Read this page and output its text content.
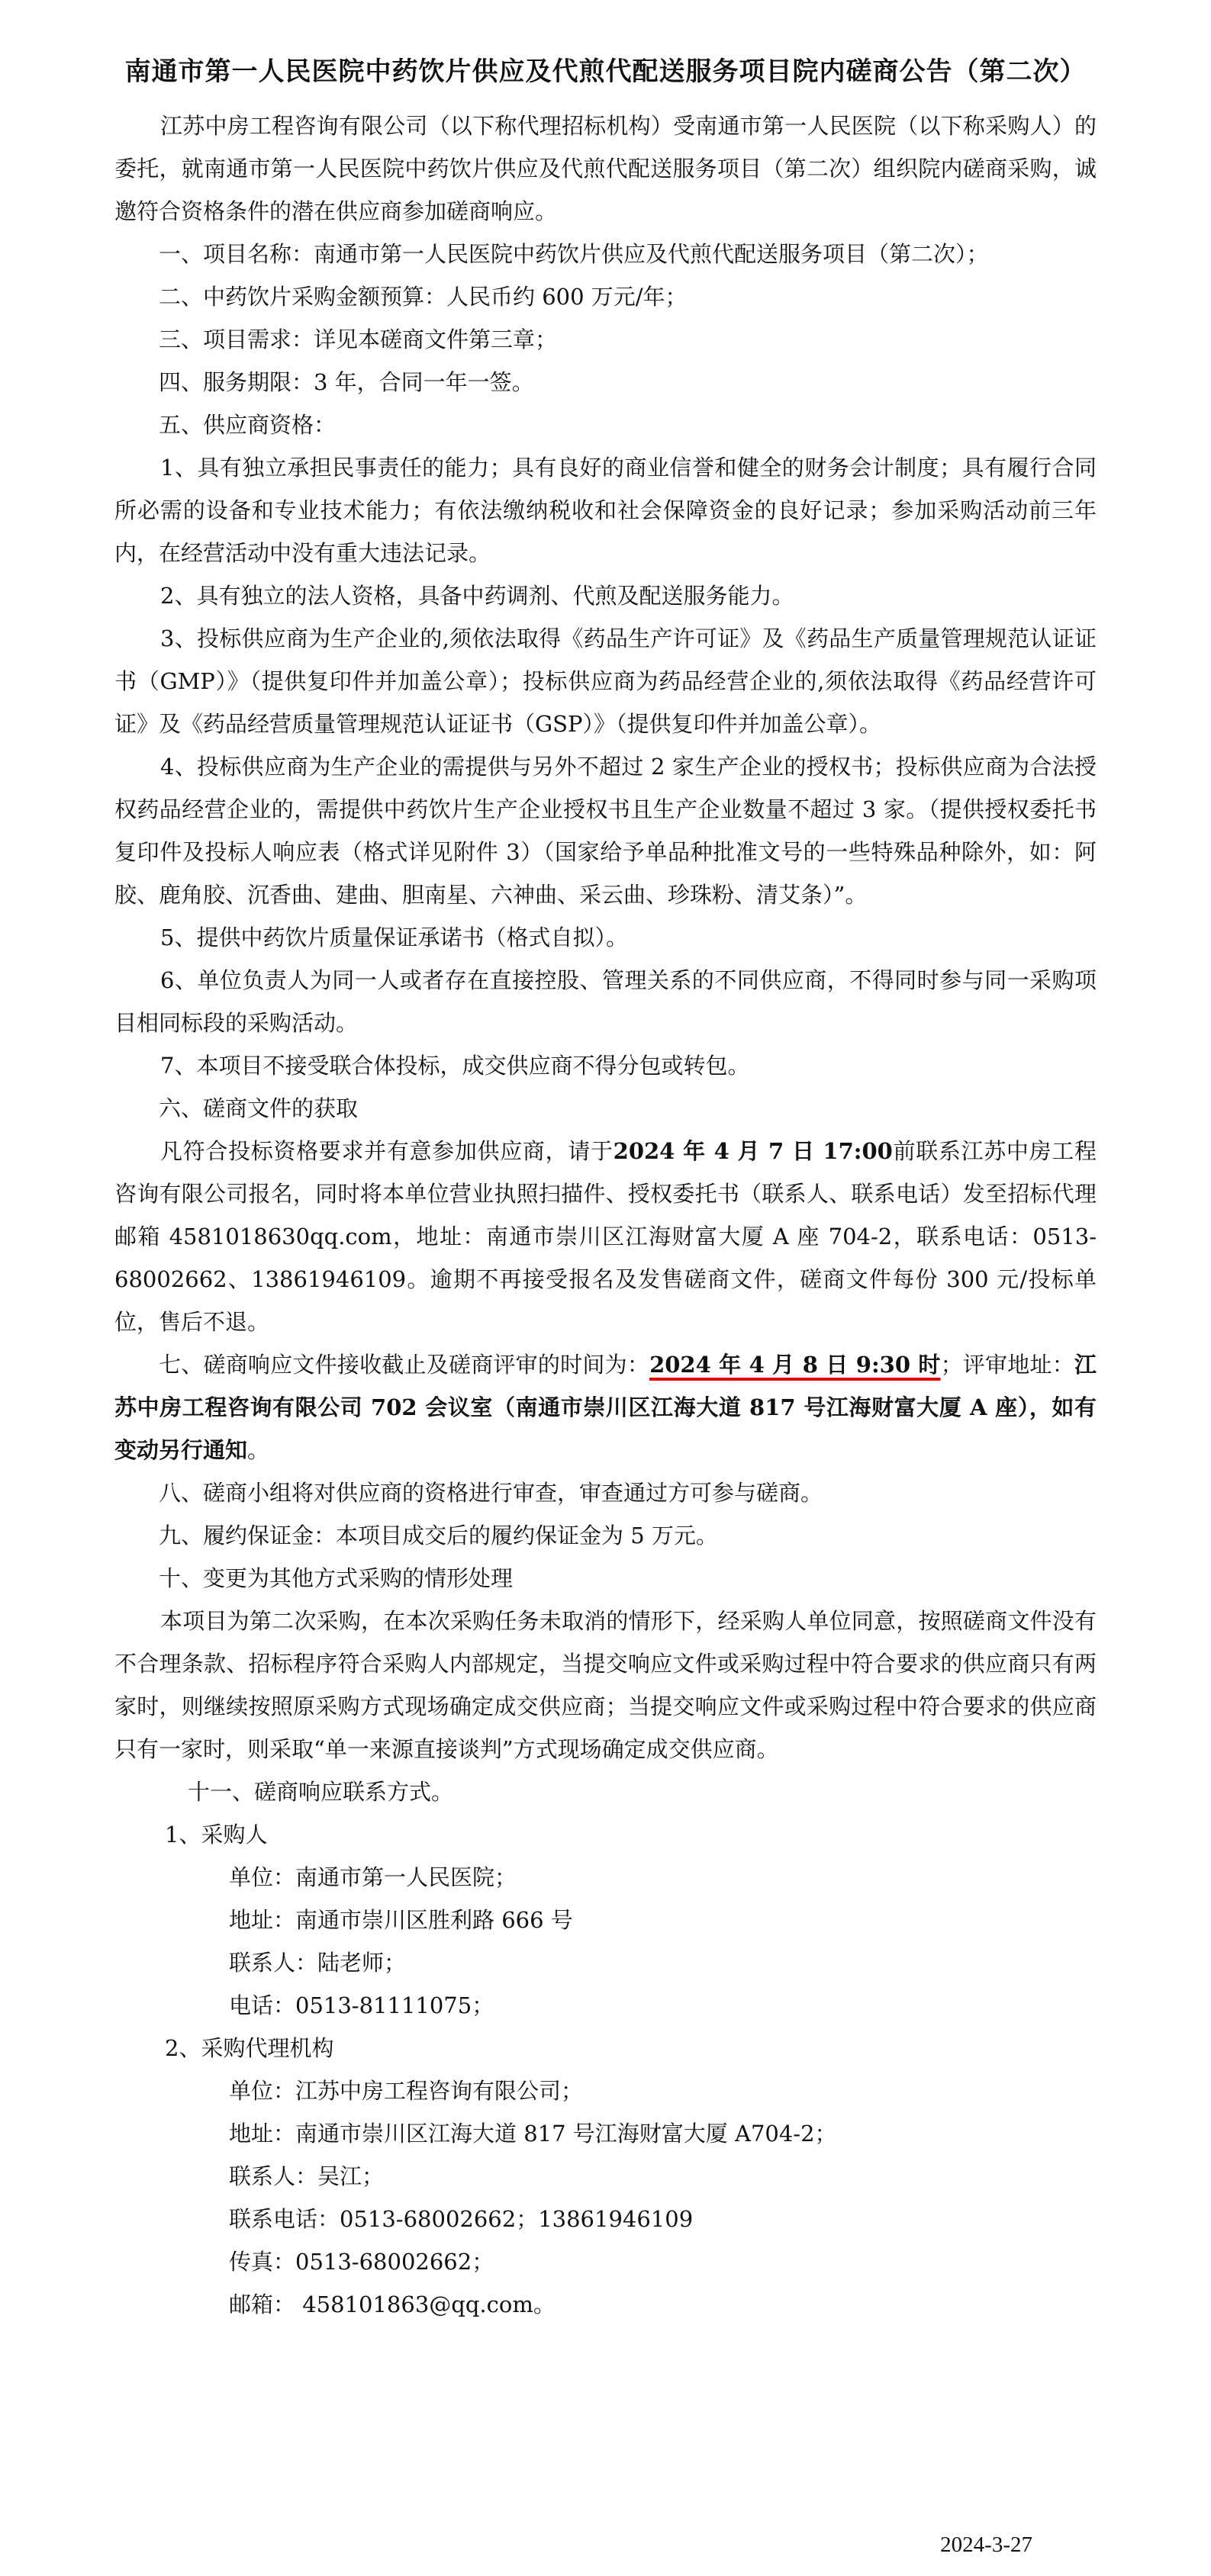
南通市第一人民医院中药饮片供应及代煎代配送服务项目院内磋商公告（第二次）

江苏中房工程咨询有限公司（以下称代理招标机构）受南通市第一人民医院（以下称采购人）的委托，就南通市第一人民医院中药饮片供应及代煎代配送服务项目（第二次）组织院内磋商采购，诚邀符合资格条件的潜在供应商参加磋商响应。

一、项目名称：南通市第一人民医院中药饮片供应及代煎代配送服务项目（第二次）；

二、中药饮片采购金额预算：人民币约 600 万元/年；

三、项目需求：详见本磋商文件第三章；

四、服务期限：3 年，合同一年一签。

五、供应商资格：

1、具有独立承担民事责任的能力；具有良好的商业信誉和健全的财务会计制度；具有履行合同所必需的设备和专业技术能力；有依法缴纳税收和社会保障资金的良好记录；参加采购活动前三年内，在经营活动中没有重大违法记录。

2、具有独立的法人资格，具备中药调剂、代煎及配送服务能力。

3、投标供应商为生产企业的,须依法取得《药品生产许可证》及《药品生产质量管理规范认证证书（GMP）》（提供复印件并加盖公章）；投标供应商为药品经营企业的,须依法取得《药品经营许可证》及《药品经营质量管理规范认证证书（GSP）》（提供复印件并加盖公章）。

4、投标供应商为生产企业的需提供与另外不超过 2 家生产企业的授权书；投标供应商为合法授权药品经营企业的，需提供中药饮片生产企业授权书且生产企业数量不超过 3 家。（提供授权委托书复印件及投标人响应表（格式详见附件 3）（国家给予单品种批准文号的一些特殊品种除外，如：阿胶、鹿角胶、沉香曲、建曲、胆南星、六神曲、采云曲、珍珠粉、清艾条）”。

5、提供中药饮片质量保证承诺书（格式自拟）。

6、单位负责人为同一人或者存在直接控股、管理关系的不同供应商，不得同时参与同一采购项目相同标段的采购活动。

7、本项目不接受联合体投标，成交供应商不得分包或转包。

六、磋商文件的获取

凡符合投标资格要求并有意参加供应商，请于2024 年 4 月 7 日 17:00前联系江苏中房工程咨询有限公司报名，同时将本单位营业执照扫描件、授权委托书（联系人、联系电话）发至招标代理邮箱 4581018630qq.com，地址：南通市崇川区江海财富大厦 A 座 704-2，联系电话：0513-68002662、13861946109。逾期不再接受报名及发售磋商文件，磋商文件每份 300 元/投标单位，售后不退。

七、磋商响应文件接收截止及磋商评审的时间为：2024 年 4 月 8 日 9:30 时；评审地址：江苏中房工程咨询有限公司 702 会议室（南通市崇川区江海大道 817 号江海财富大厦 A 座），如有变动另行通知。

八、磋商小组将对供应商的资格进行审查，审查通过方可参与磋商。

九、履约保证金：本项目成交后的履约保证金为 5 万元。

十、变更为其他方式采购的情形处理

本项目为第二次采购，在本次采购任务未取消的情形下，经采购人单位同意，按照磋商文件没有不合理条款、招标程序符合采购人内部规定，当提交响应文件或采购过程中符合要求的供应商只有两家时，则继续按照原采购方式现场确定成交供应商；当提交响应文件或采购过程中符合要求的供应商只有一家时，则采取“单一来源直接谈判”方式现场确定成交供应商。

十一、磋商响应联系方式。

1、采购人

单位：南通市第一人民医院；

地址：南通市崇川区胜利路 666 号

联系人：陆老师；

电话：0513-81111075；

2、采购代理机构

单位：江苏中房工程咨询有限公司；

地址：南通市崇川区江海大道 817 号江海财富大厦 A704-2；

联系人：吴江；

联系电话：0513-68002662；13861946109

传真：0513-68002662；

邮箱： 458101863@qq.com。

2024-3-27
